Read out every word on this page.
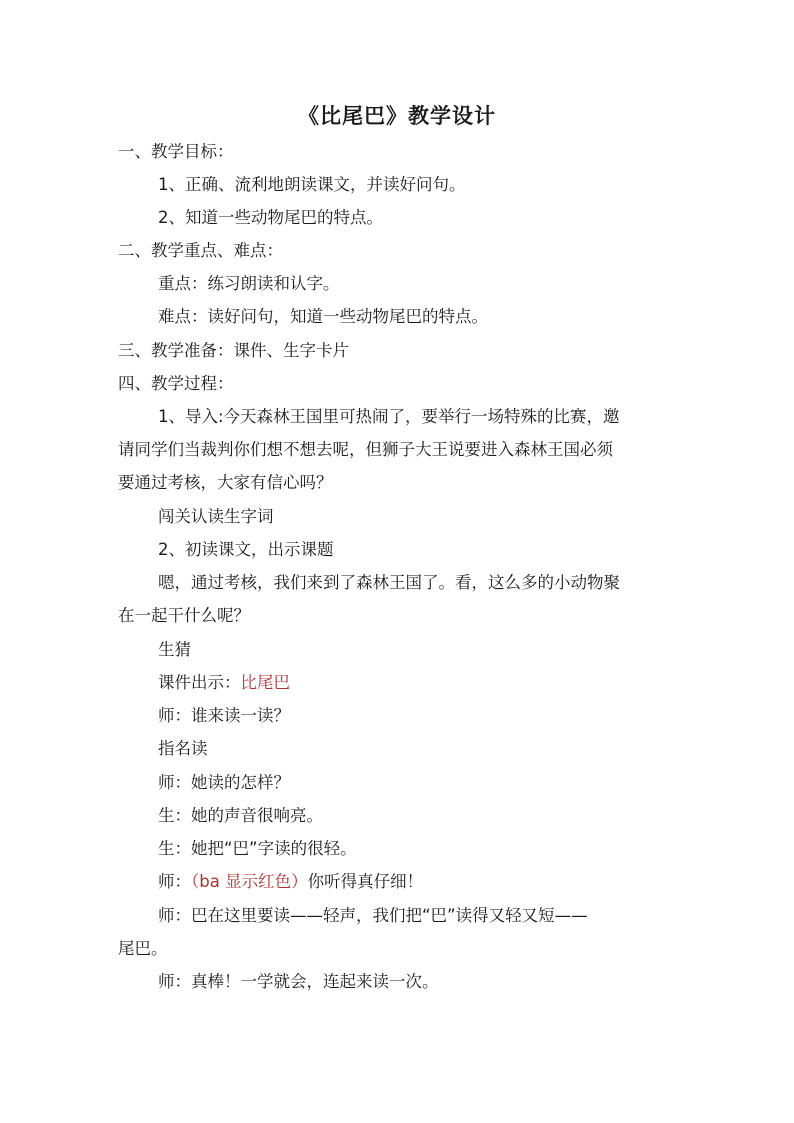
《比尾巴》教学设计
一、教学目标：
1、正确、流利地朗读课文，并读好问句。
2、知道一些动物尾巴的特点。
二、教学重点、难点：
重点：练习朗读和认字。
难点：读好问句，知道一些动物尾巴的特点。
三、教学准备：课件、生字卡片
四、教学过程：
1、导入:今天森林王国里可热闹了，要举行一场特殊的比赛，邀
请同学们当裁判你们想不想去呢，但狮子大王说要进入森林王国必须
要通过考核，大家有信心吗？
闯关认读生字词
2、初读课文，出示课题
嗯，通过考核，我们来到了森林王国了。看，这么多的小动物聚
在一起干什么呢？
生猜
课件出示：比尾巴
师：谁来读一读？
指名读
师：她读的怎样？
生：她的声音很响亮。
生：她把“巴”字读的很轻。
师：（ba 显示红色）你听得真仔细！
师：巴在这里要读——轻声，我们把“巴”读得又轻又短——
尾巴。
师：真棒！一学就会，连起来读一次。
